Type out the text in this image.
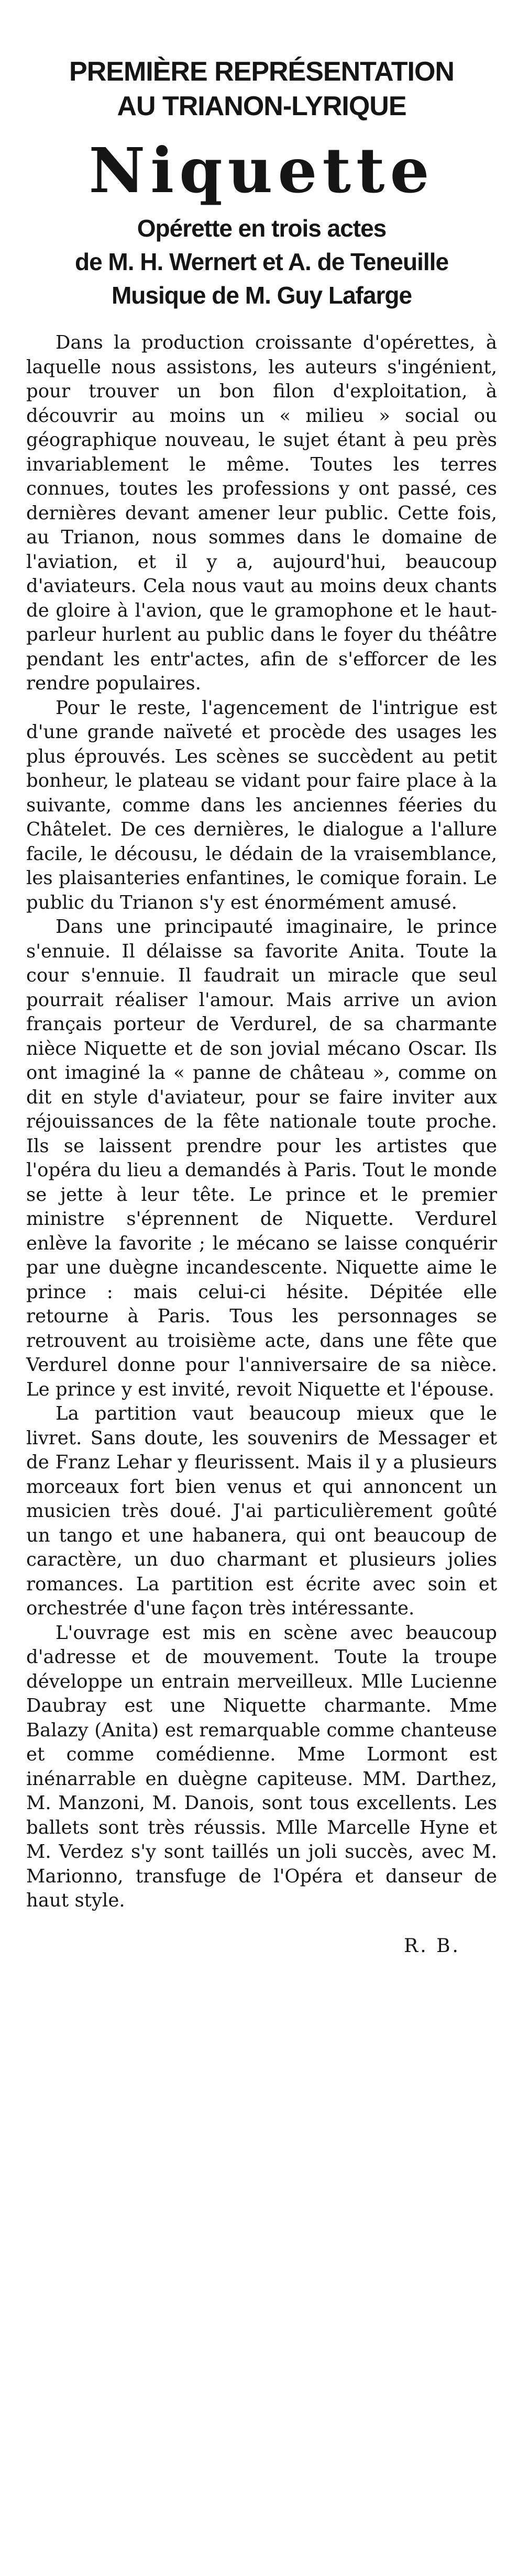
PREMIÈRE REPRÉSENTATION
AU TRIANON-LYRIQUE
Niquette
Opérette en trois actes
de M. H. Wernert et A. de Teneuille
Musique de M. Guy Lafarge

Dans la production croissante d'opérettes, à laquelle nous assistons, les auteurs s'ingénient, pour trouver un bon filon d'exploitation, à découvrir au moins un « milieu » social ou géographique nouveau, le sujet étant à peu près invariablement le même. Toutes les terres connues, toutes les professions y ont passé, ces dernières devant amener leur public. Cette fois, au Trianon, nous sommes dans le domaine de l'aviation, et il y a, aujourd'hui, beaucoup d'aviateurs. Cela nous vaut au moins deux chants de gloire à l'avion, que le gramophone et le haut-parleur hurlent au public dans le foyer du théâtre pendant les entr'actes, afin de s'efforcer de les rendre populaires.

Pour le reste, l'agencement de l'intrigue est d'une grande naïveté et procède des usages les plus éprouvés. Les scènes se succèdent au petit bonheur, le plateau se vidant pour faire place à la suivante, comme dans les anciennes féeries du Châtelet. De ces dernières, le dialogue a l'allure facile, le décousu, le dédain de la vraisemblance, les plaisanteries enfantines, le comique forain. Le public du Trianon s'y est énormément amusé.

Dans une principauté imaginaire, le prince s'ennuie. Il délaisse sa favorite Anita. Toute la cour s'ennuie. Il faudrait un miracle que seul pourrait réaliser l'amour. Mais arrive un avion français porteur de Verdurel, de sa charmante nièce Niquette et de son jovial mécano Oscar. Ils ont imaginé la « panne de château », comme on dit en style d'aviateur, pour se faire inviter aux réjouissances de la fête nationale toute proche. Ils se laissent prendre pour les artistes que l'opéra du lieu a demandés à Paris. Tout le monde se jette à leur tête. Le prince et le premier ministre s'éprennent de Niquette. Verdurel enlève la favorite ; le mécano se laisse conquérir par une duègne incandescente. Niquette aime le prince : mais celui-ci hésite. Dépitée elle retourne à Paris. Tous les personnages se retrouvent au troisième acte, dans une fête que Verdurel donne pour l'anniversaire de sa nièce. Le prince y est invité, revoit Niquette et l'épouse.

La partition vaut beaucoup mieux que le livret. Sans doute, les souvenirs de Messager et de Franz Lehar y fleurissent. Mais il y a plusieurs morceaux fort bien venus et qui annoncent un musicien très doué. J'ai particulièrement goûté un tango et une habanera, qui ont beaucoup de caractère, un duo charmant et plusieurs jolies romances. La partition est écrite avec soin et orchestrée d'une façon très intéressante.

L'ouvrage est mis en scène avec beaucoup d'adresse et de mouvement. Toute la troupe développe un entrain merveilleux. Mlle Lucienne Daubray est une Niquette charmante. Mme Balazy (Anita) est remarquable comme chanteuse et comme comédienne. Mme Lormont est inénarrable en duègne capiteuse. MM. Darthez, M. Manzoni, M. Danois, sont tous excellents. Les ballets sont très réussis. Mlle Marcelle Hyne et M. Verdez s'y sont taillés un joli succès, avec M. Marionno, transfuge de l'Opéra et danseur de haut style.

R. B.
